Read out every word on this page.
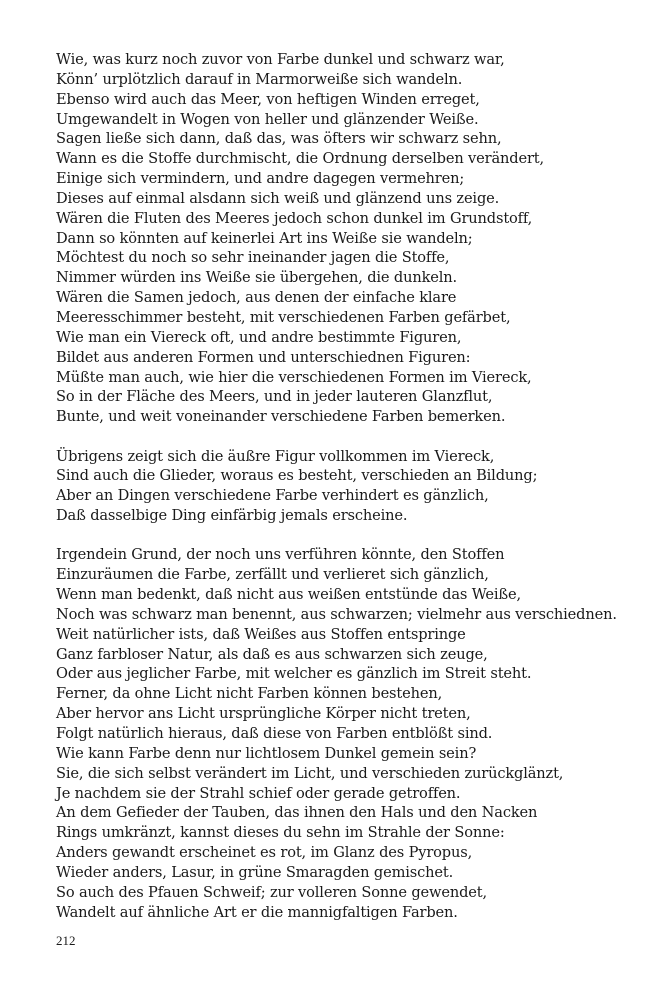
Wie, was kurz noch zuvor von Farbe dunkel und schwarz war,
Könn’ urplötzlich darauf in Marmorweiße sich wandeln.
Ebenso wird auch das Meer, von heftigen Winden erreget,
Umgewandelt in Wogen von heller und glänzender Weiße.
Sagen ließe sich dann, daß das, was öfters wir schwarz sehn,
Wann es die Stoffe durchmischt, die Ordnung derselben verändert,
Einige sich vermindern, und andre dagegen vermehren;
Dieses auf einmal alsdann sich weiß und glänzend uns zeige.
Wären die Fluten des Meeres jedoch schon dunkel im Grundstoff,
Dann so könnten auf keinerlei Art ins Weiße sie wandeln;
Möchtest du noch so sehr ineinander jagen die Stoffe,
Nimmer würden ins Weiße sie übergehen, die dunkeln.
Wären die Samen jedoch, aus denen der einfache klare
Meeresschimmer besteht, mit verschiedenen Farben gefärbet,
Wie man ein Viereck oft, und andre bestimmte Figuren,
Bildet aus anderen Formen und unterschiednen Figuren:
Müßte man auch, wie hier die verschiedenen Formen im Viereck,
So in der Fläche des Meers, und in jeder lauteren Glanzflut,
Bunte, und weit voneinander verschiedene Farben bemerken.
Übrigens zeigt sich die äußre Figur vollkommen im Viereck,
Sind auch die Glieder, woraus es besteht, verschieden an Bildung;
Aber an Dingen verschiedene Farbe verhindert es gänzlich,
Daß dasselbige Ding einfärbig jemals erscheine.
Irgendein Grund, der noch uns verführen könnte, den Stoffen
Einzuräumen die Farbe, zerfällt und verlieret sich gänzlich,
Wenn man bedenkt, daß nicht aus weißen entstünde das Weiße,
Noch was schwarz man benennt, aus schwarzen; vielmehr aus verschiednen.
Weit natürlicher ists, daß Weißes aus Stoffen entspringe
Ganz farbloser Natur, als daß es aus schwarzen sich zeuge,
Oder aus jeglicher Farbe, mit welcher es gänzlich im Streit steht.
Ferner, da ohne Licht nicht Farben können bestehen,
Aber hervor ans Licht ursprüngliche Körper nicht treten,
Folgt natürlich hieraus, daß diese von Farben entblößt sind.
Wie kann Farbe denn nur lichtlosem Dunkel gemein sein?
Sie, die sich selbst verändert im Licht, und verschieden zurückglänzt,
Je nachdem sie der Strahl schief oder gerade getroffen.
An dem Gefieder der Tauben, das ihnen den Hals und den Nacken
Rings umkränzt, kannst dieses du sehn im Strahle der Sonne:
Anders gewandt erscheinet es rot, im Glanz des Pyropus,
Wieder anders, Lasur, in grüne Smaragden gemischet.
So auch des Pfauen Schweif; zur volleren Sonne gewendet,
Wandelt auf ähnliche Art er die mannigfaltigen Farben.
212
